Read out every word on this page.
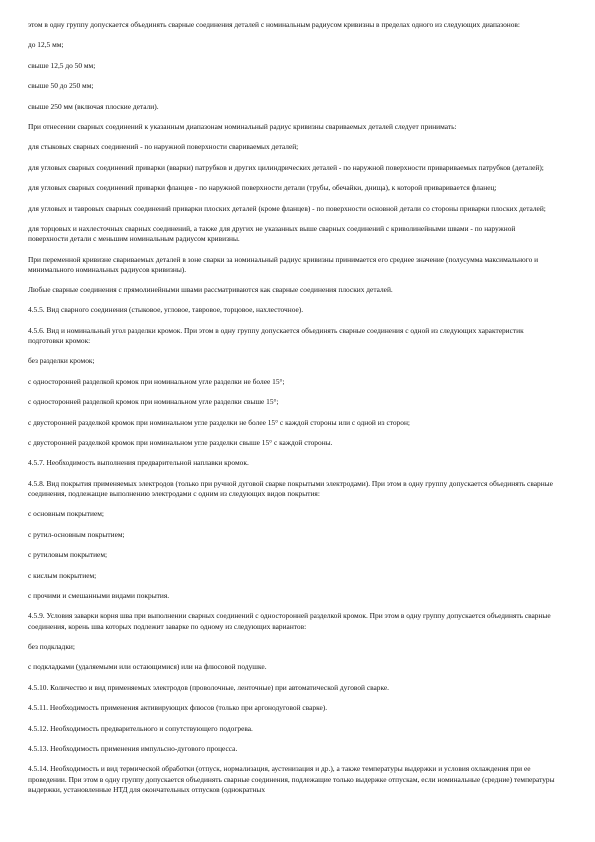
этом в одну группу допускается объединять сварные соединения деталей с номинальным радиусом кривизны в пределах одного из следующих диапазонов:

до 12,5 мм;

свыше 12,5 до 50 мм;

свыше 50 до 250 мм;

свыше 250 мм (включая плоские детали).

При отнесении сварных соединений к указанным диапазонам номинальный радиус кривизны свариваемых деталей следует принимать:

для стыковых сварных соединений - по наружной поверхности свариваемых деталей;

для угловых сварных соединений приварки (вварки) патрубков и других цилиндрических деталей - по наружной поверхности привариваемых патрубков (деталей);

для угловых сварных соединений приварки фланцев - по наружной поверхности детали (трубы, обечайки, днища), к которой приваривается фланец;

для угловых и тавровых сварных соединений приварки плоских деталей (кроме фланцев) - по поверхности основной детали со стороны приварки плоских деталей;

для торцовых и нахлесточных сварных соединений, а также для других не указанных выше сварных соединений с криволинейными швами - по наружной поверхности детали с меньшим номинальным радиусом кривизны.

При переменной кривизне свариваемых деталей в зоне сварки за номинальный радиус кривизны принимается его среднее значение (полусумма максимального и минимального номинальных радиусов кривизны).

Любые сварные соединения с прямолинейными швами рассматриваются как сварные соединения плоских деталей.

4.5.5. Вид сварного соединения (стыковое, угловое, тавровое, торцовое, нахлесточное).

4.5.6. Вид и номинальный угол разделки кромок. При этом в одну группу допускается объединять сварные соединения с одной из следующих характеристик подготовки кромок:

без разделки кромок;

с односторонней разделкой кромок при номинальном угле разделки не более 15°;

с односторонней разделкой кромок при номинальном угле разделки свыше 15°;

с двусторонней разделкой кромок при номинальном угле разделки не более 15° с каждой стороны или с одной из сторон;

с двусторонней разделкой кромок при номинальном угле разделки свыше 15° с каждой стороны.

4.5.7. Необходимость выполнения предварительной наплавки кромок.

4.5.8. Вид покрытия применяемых электродов (только при ручной дуговой сварке покрытыми электродами). При этом в одну группу допускается объединять сварные соединения, подлежащие выполнению электродами с одним из следующих видов покрытия:

с основным покрытием;

с рутил-основным покрытием;

с рутиловым покрытием;

с кислым покрытием;

с прочими и смешанными видами покрытия.

4.5.9. Условия заварки корня шва при выполнении сварных соединений с односторонней разделкой кромок. При этом в одну группу допускается объединять сварные соединения, корень шва которых подлежит заварке по одному из следующих вариантов:

без подкладки;

с подкладками (удаляемыми или остающимися) или на флюсовой подушке.

4.5.10. Количество и вид применяемых электродов (проволочные, ленточные) при автоматической дуговой сварке.

4.5.11. Необходимость применения активирующих флюсов (только при аргонодуговой сварке).

4.5.12. Необходимость предварительного и сопутствующего подогрева.

4.5.13. Необходимость применения импульсно-дугового процесса.

4.5.14. Необходимость и вид термической обработки (отпуск, нормализация, аустенизация и др.), а также температуры выдержки и условия охлаждения при ее проведении. При этом в одну группу допускается объединять сварные соединения, подлежащие только выдержке отпускам, если номинальные (средние) температуры выдержки, установленные НТД для окончательных отпусков (однократных
